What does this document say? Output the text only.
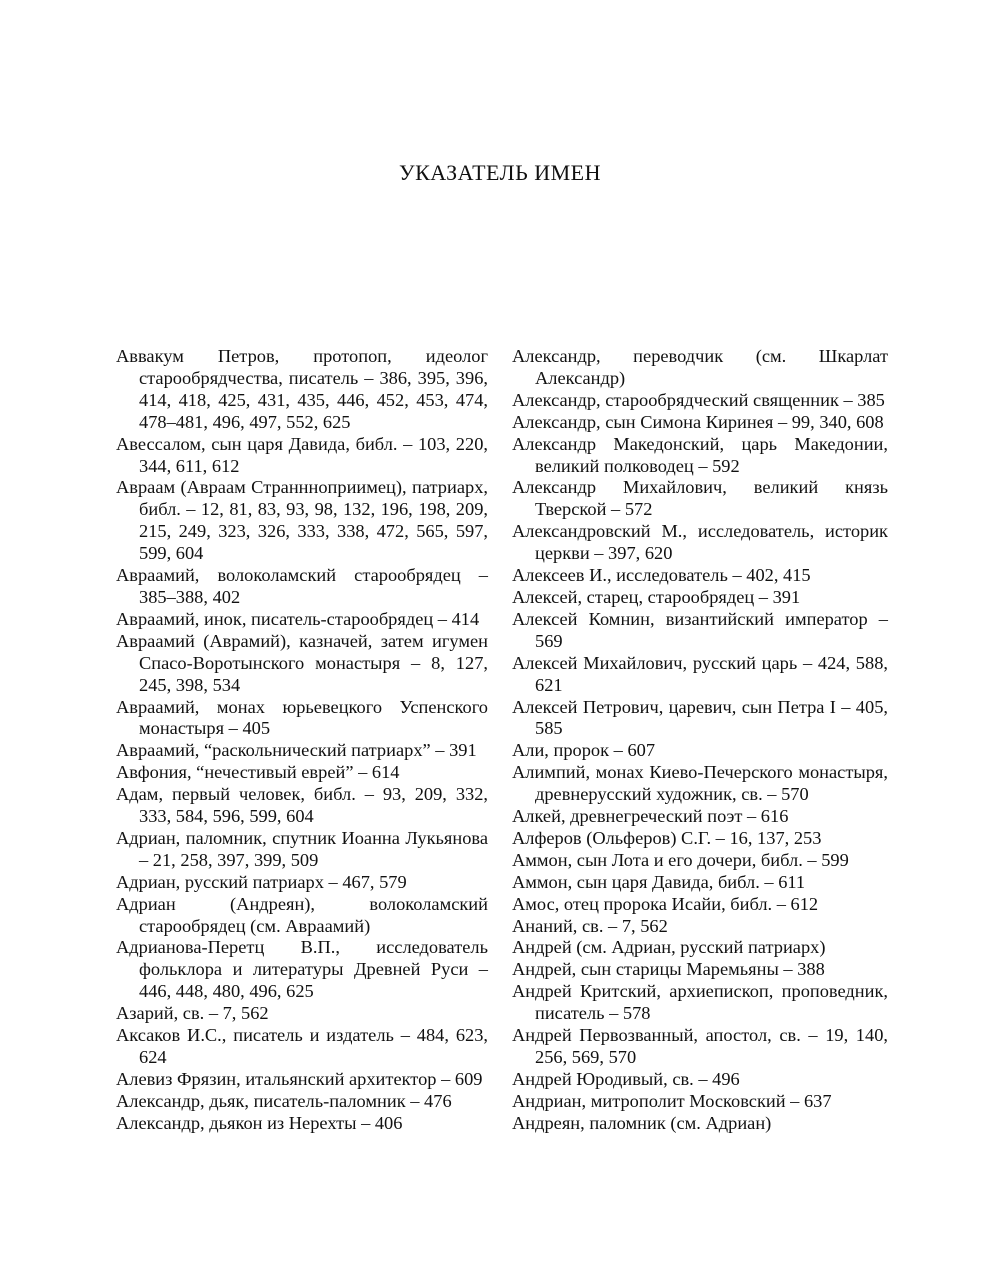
УКАЗАТЕЛЬ ИМЕН

Аввакум Петров, протопоп, идеолог старообрядчества, писатель – 386, 395, 396, 414, 418, 425, 431, 435, 446, 452, 453, 474, 478–481, 496, 497, 552, 625

Авессалом, сын царя Давида, библ. – 103, 220, 344, 611, 612

Авраам (Авраам Страннноприимец), патриарх, библ. – 12, 81, 83, 93, 98, 132, 196, 198, 209, 215, 249, 323, 326, 333, 338, 472, 565, 597, 599, 604

Авраамий, волоколамский старообрядец – 385–388, 402

Авраамий, инок, писатель-старообрядец – 414

Авраамий (Аврамий), казначей, затем игумен Спасо-Воротынского монастыря – 8, 127, 245, 398, 534

Авраамий, монах юрьевецкого Успенского монастыря – 405

Авраамий, “раскольнический патриарх” – 391

Авфония, “нечестивый еврей” – 614

Адам, первый человек, библ. – 93, 209, 332, 333, 584, 596, 599, 604

Адриан, паломник, спутник Иоанна Лукьянова – 21, 258, 397, 399, 509

Адриан, русский патриарх – 467, 579

Адриан (Андреян), волоколамский старообрядец (см. Авраамий)

Адрианова-Перетц В.П., исследователь фольклора и литературы Древней Руси – 446, 448, 480, 496, 625

Азарий, св. – 7, 562

Аксаков И.С., писатель и издатель – 484, 623, 624

Алевиз Фрязин, итальянский архитектор – 609

Александр, дьяк, писатель-паломник – 476

Александр, дьякон из Нерехты – 406

Александр, переводчик (см. Шкарлат Александр)

Александр, старообрядческий священник – 385

Александр, сын Симона Киринея – 99, 340, 608

Александр Македонский, царь Македонии, великий полководец – 592

Александр Михайлович, великий князь Тверской – 572

Александровский М., исследователь, историк церкви – 397, 620

Алексеев И., исследователь – 402, 415

Алексей, старец, старообрядец – 391

Алексей Комнин, византийский император – 569

Алексей Михайлович, русский царь – 424, 588, 621

Алексей Петрович, царевич, сын Петра I – 405, 585

Али, пророк – 607

Алимпий, монах Киево-Печерского монастыря, древнерусский художник, св. – 570

Алкей, древнегреческий поэт – 616

Алферов (Ольферов) С.Г. – 16, 137, 253

Аммон, сын Лота и его дочери, библ. – 599

Аммон, сын царя Давида, библ. – 611

Амос, отец пророка Исайи, библ. – 612

Ананий, св. – 7, 562

Андрей (см. Адриан, русский патриарх)

Андрей, сын старицы Маремьяны – 388

Андрей Критский, архиепископ, проповедник, писатель – 578

Андрей Первозванный, апостол, св. – 19, 140, 256, 569, 570

Андрей Юродивый, св. – 496

Андриан, митрополит Московский – 637

Андреян, паломник (см. Адриан)
